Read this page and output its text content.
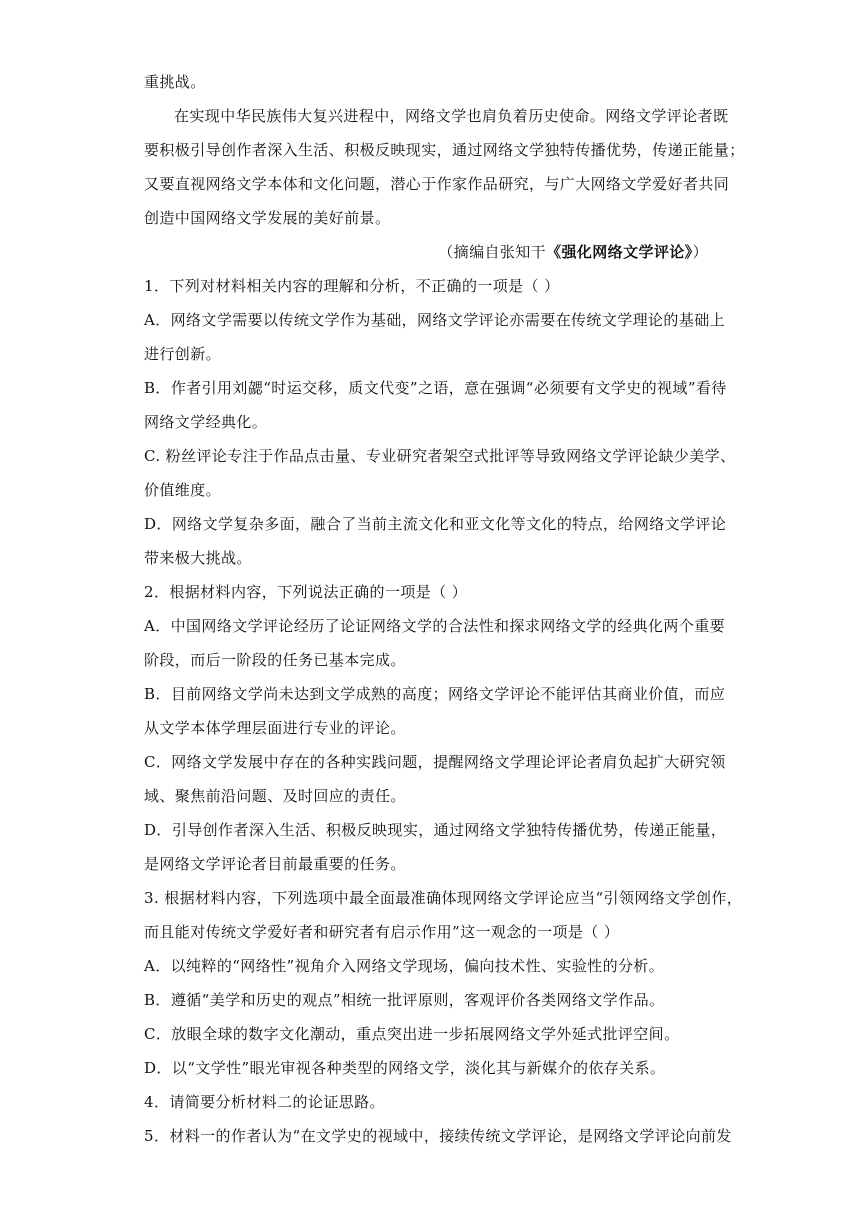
重挑战。
在实现中华民族伟大复兴进程中，网络文学也肩负着历史使命。网络文学评论者既
要积极引导创作者深入生活、积极反映现实，通过网络文学独特传播优势，传递正能量；
又要直视网络文学本体和文化问题，潜心于作家作品研究，与广大网络文学爱好者共同
创造中国网络文学发展的美好前景。
（摘编自张知干《强化网络文学评论》）
1．下列对材料相关内容的理解和分析，不正确的一项是（ ）
A．网络文学需要以传统文学作为基础，网络文学评论亦需要在传统文学理论的基础上
进行创新。
B．作者引用刘勰“时运交移，质文代变”之语，意在强调“必须要有文学史的视域”看待
网络文学经典化。
C. 粉丝评论专注于作品点击量、专业研究者架空式批评等导致网络文学评论缺少美学、
价值维度。
D．网络文学复杂多面，融合了当前主流文化和亚文化等文化的特点，给网络文学评论
带来极大挑战。
2．根据材料内容，下列说法正确的一项是（ ）
A．中国网络文学评论经历了论证网络文学的合法性和探求网络文学的经典化两个重要
阶段，而后一阶段的任务已基本完成。
B．目前网络文学尚未达到文学成熟的高度；网络文学评论不能评估其商业价值，而应
从文学本体学理层面进行专业的评论。
C．网络文学发展中存在的各种实践问题，提醒网络文学理论评论者肩负起扩大研究领
域、聚焦前沿问题、及时回应的责任。
D．引导创作者深入生活、积极反映现实，通过网络文学独特传播优势，传递正能量，
是网络文学评论者目前最重要的任务。
3. 根据材料内容，下列选项中最全面最准确体现网络文学评论应当“引领网络文学创作，
而且能对传统文学爱好者和研究者有启示作用”这一观念的一项是（ ）
A．以纯粹的“网络性”视角介入网络文学现场，偏向技术性、实验性的分析。
B．遵循“美学和历史的观点”相统一批评原则，客观评价各类网络文学作品。
C．放眼全球的数字文化潮动，重点突出进一步拓展网络文学外延式批评空间。
D．以“文学性”眼光审视各种类型的网络文学，淡化其与新媒介的依存关系。
4．请简要分析材料二的论证思路。
5．材料一的作者认为“在文学史的视域中，接续传统文学评论，是网络文学评论向前发
